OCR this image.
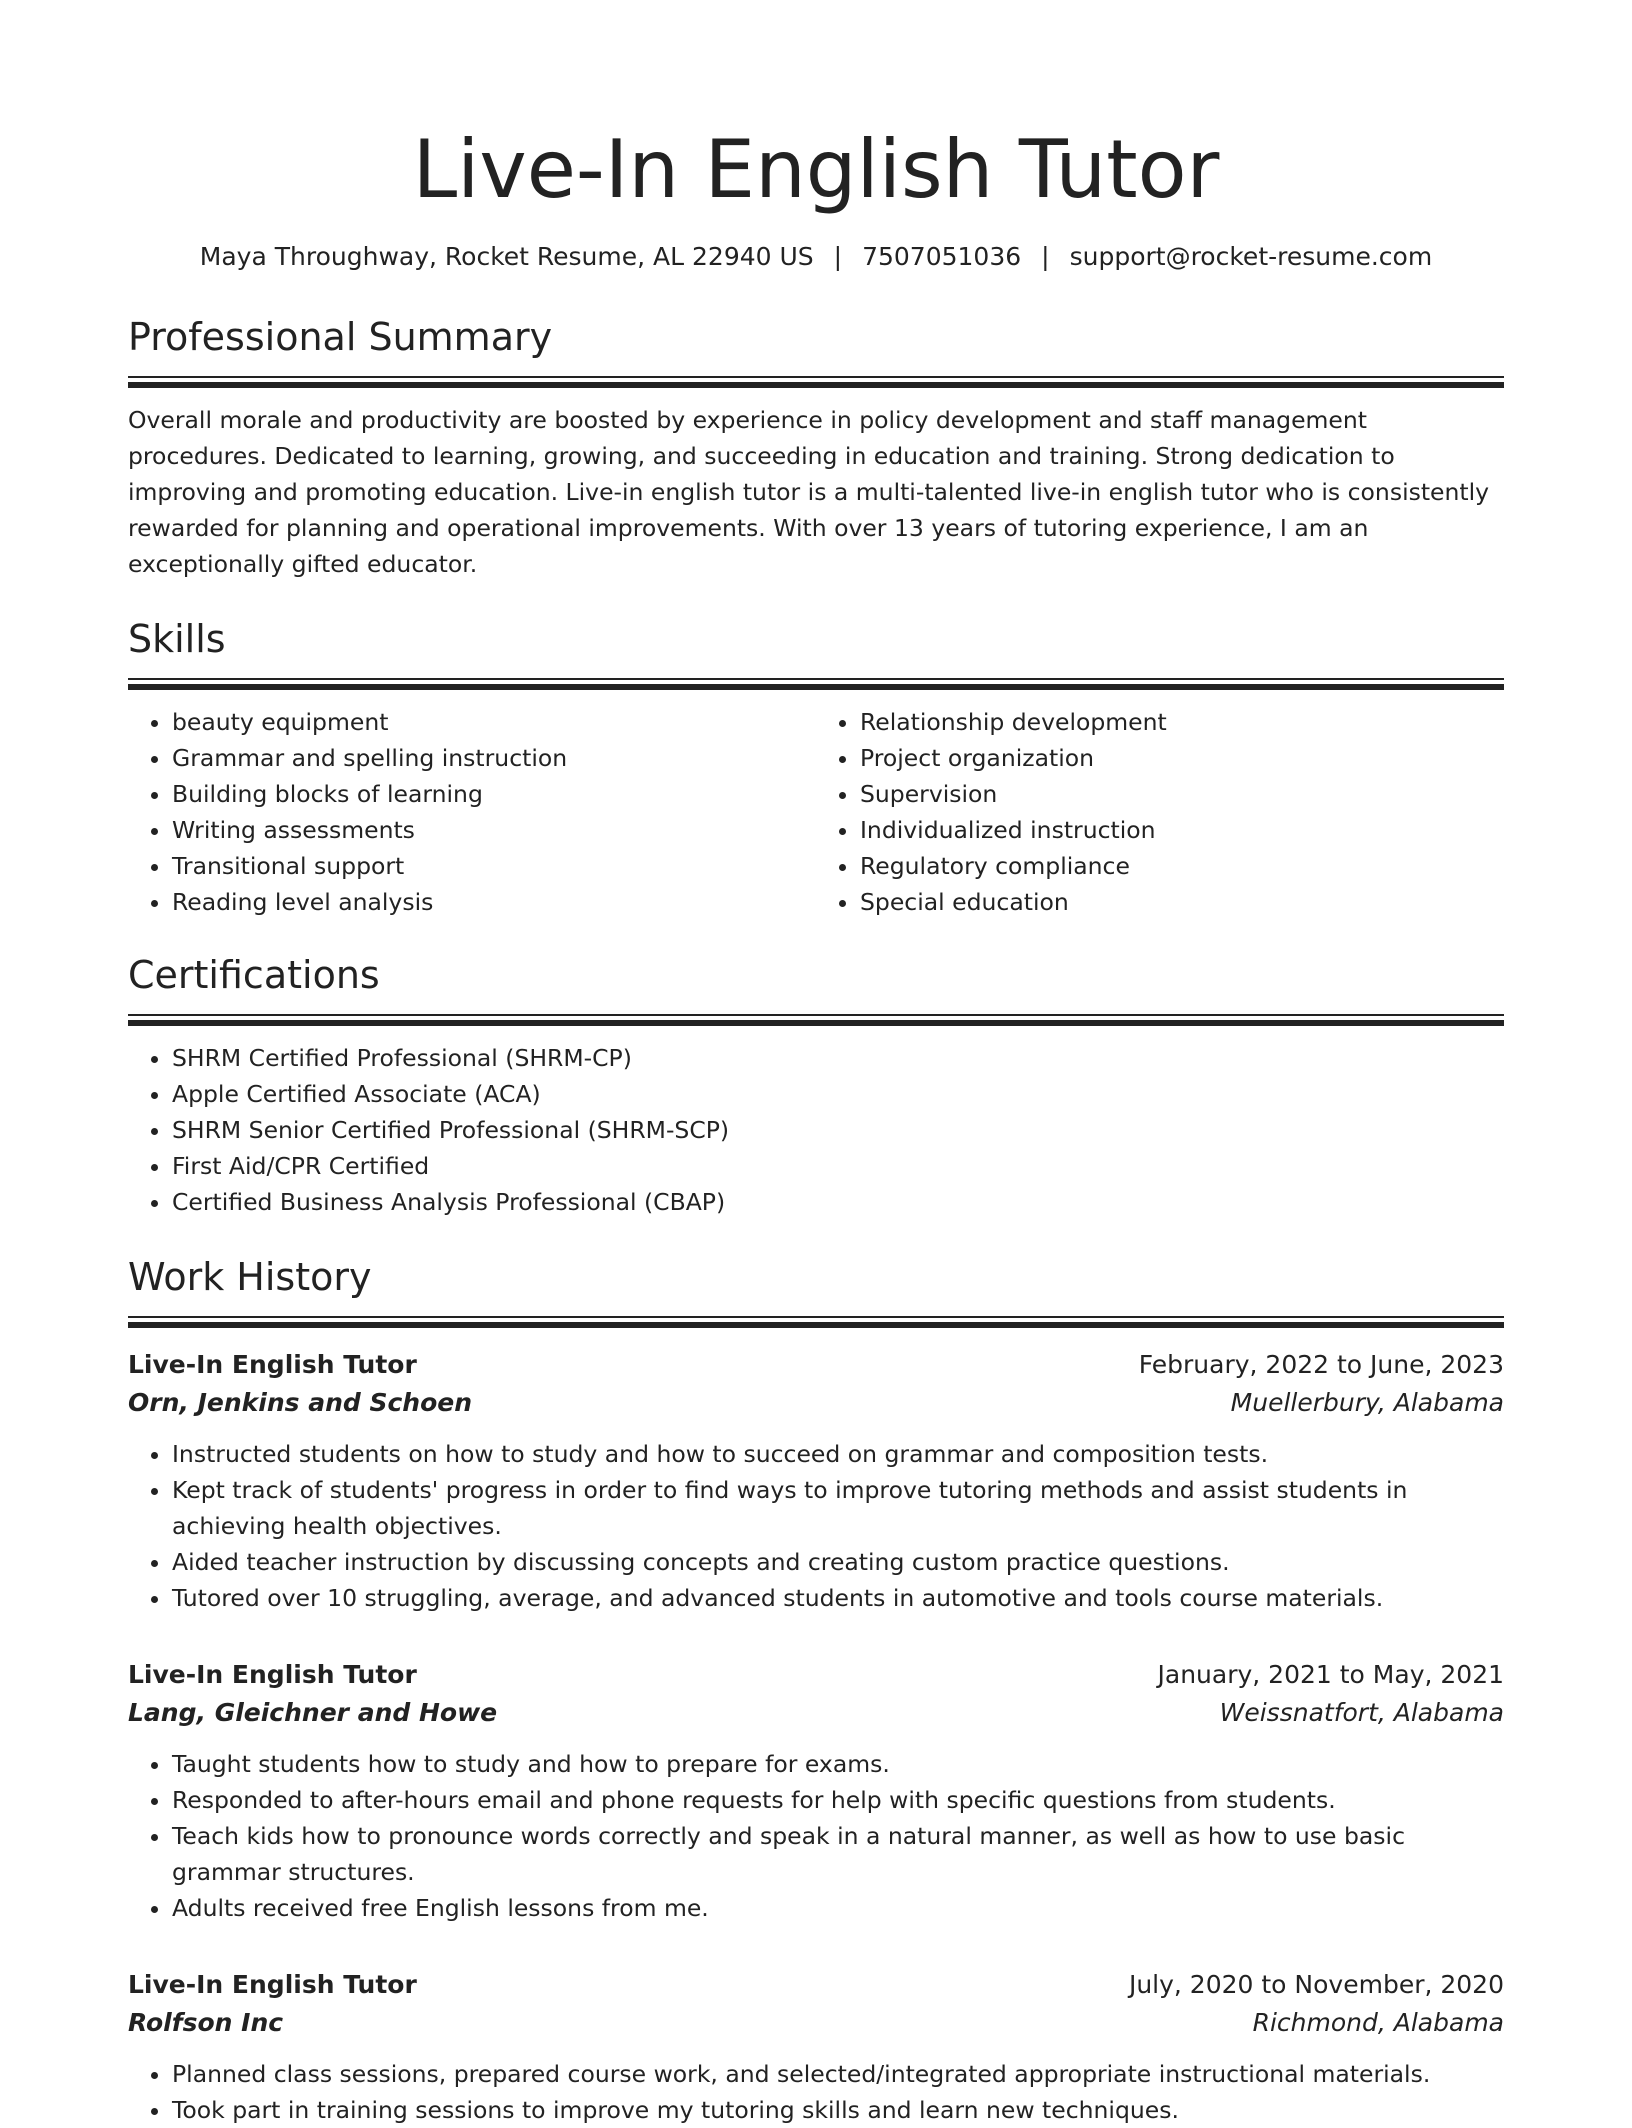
Live-In English Tutor
Maya Throughway, Rocket Resume, AL 22940 US | 7507051036 | support@rocket-resume.com
Professional Summary
Overall morale and productivity are boosted by experience in policy development and staff management procedures. Dedicated to learning, growing, and succeeding in education and training. Strong dedication to improving and promoting education. Live-in english tutor is a multi-talented live-in english tutor who is consistently rewarded for planning and operational improvements. With over 13 years of tutoring experience, I am an exceptionally gifted educator.
Skills
• beauty equipment
• Grammar and spelling instruction
• Building blocks of learning
• Writing assessments
• Transitional support
• Reading level analysis
• Relationship development
• Project organization
• Supervision
• Individualized instruction
• Regulatory compliance
• Special education
Certifications
• SHRM Certified Professional (SHRM-CP)
• Apple Certified Associate (ACA)
• SHRM Senior Certified Professional (SHRM-SCP)
• First Aid/CPR Certified
• Certified Business Analysis Professional (CBAP)
Work History
Live-In English Tutor	February, 2022 to June, 2023
Orn, Jenkins and Schoen	Muellerbury, Alabama
• Instructed students on how to study and how to succeed on grammar and composition tests.
• Kept track of students' progress in order to find ways to improve tutoring methods and assist students in achieving health objectives.
• Aided teacher instruction by discussing concepts and creating custom practice questions.
• Tutored over 10 struggling, average, and advanced students in automotive and tools course materials.
Live-In English Tutor	January, 2021 to May, 2021
Lang, Gleichner and Howe	Weissnatfort, Alabama
• Taught students how to study and how to prepare for exams.
• Responded to after-hours email and phone requests for help with specific questions from students.
• Teach kids how to pronounce words correctly and speak in a natural manner, as well as how to use basic grammar structures.
• Adults received free English lessons from me.
Live-In English Tutor	July, 2020 to November, 2020
Rolfson Inc	Richmond, Alabama
• Planned class sessions, prepared course work, and selected/integrated appropriate instructional materials.
• Took part in training sessions to improve my tutoring skills and learn new techniques.
